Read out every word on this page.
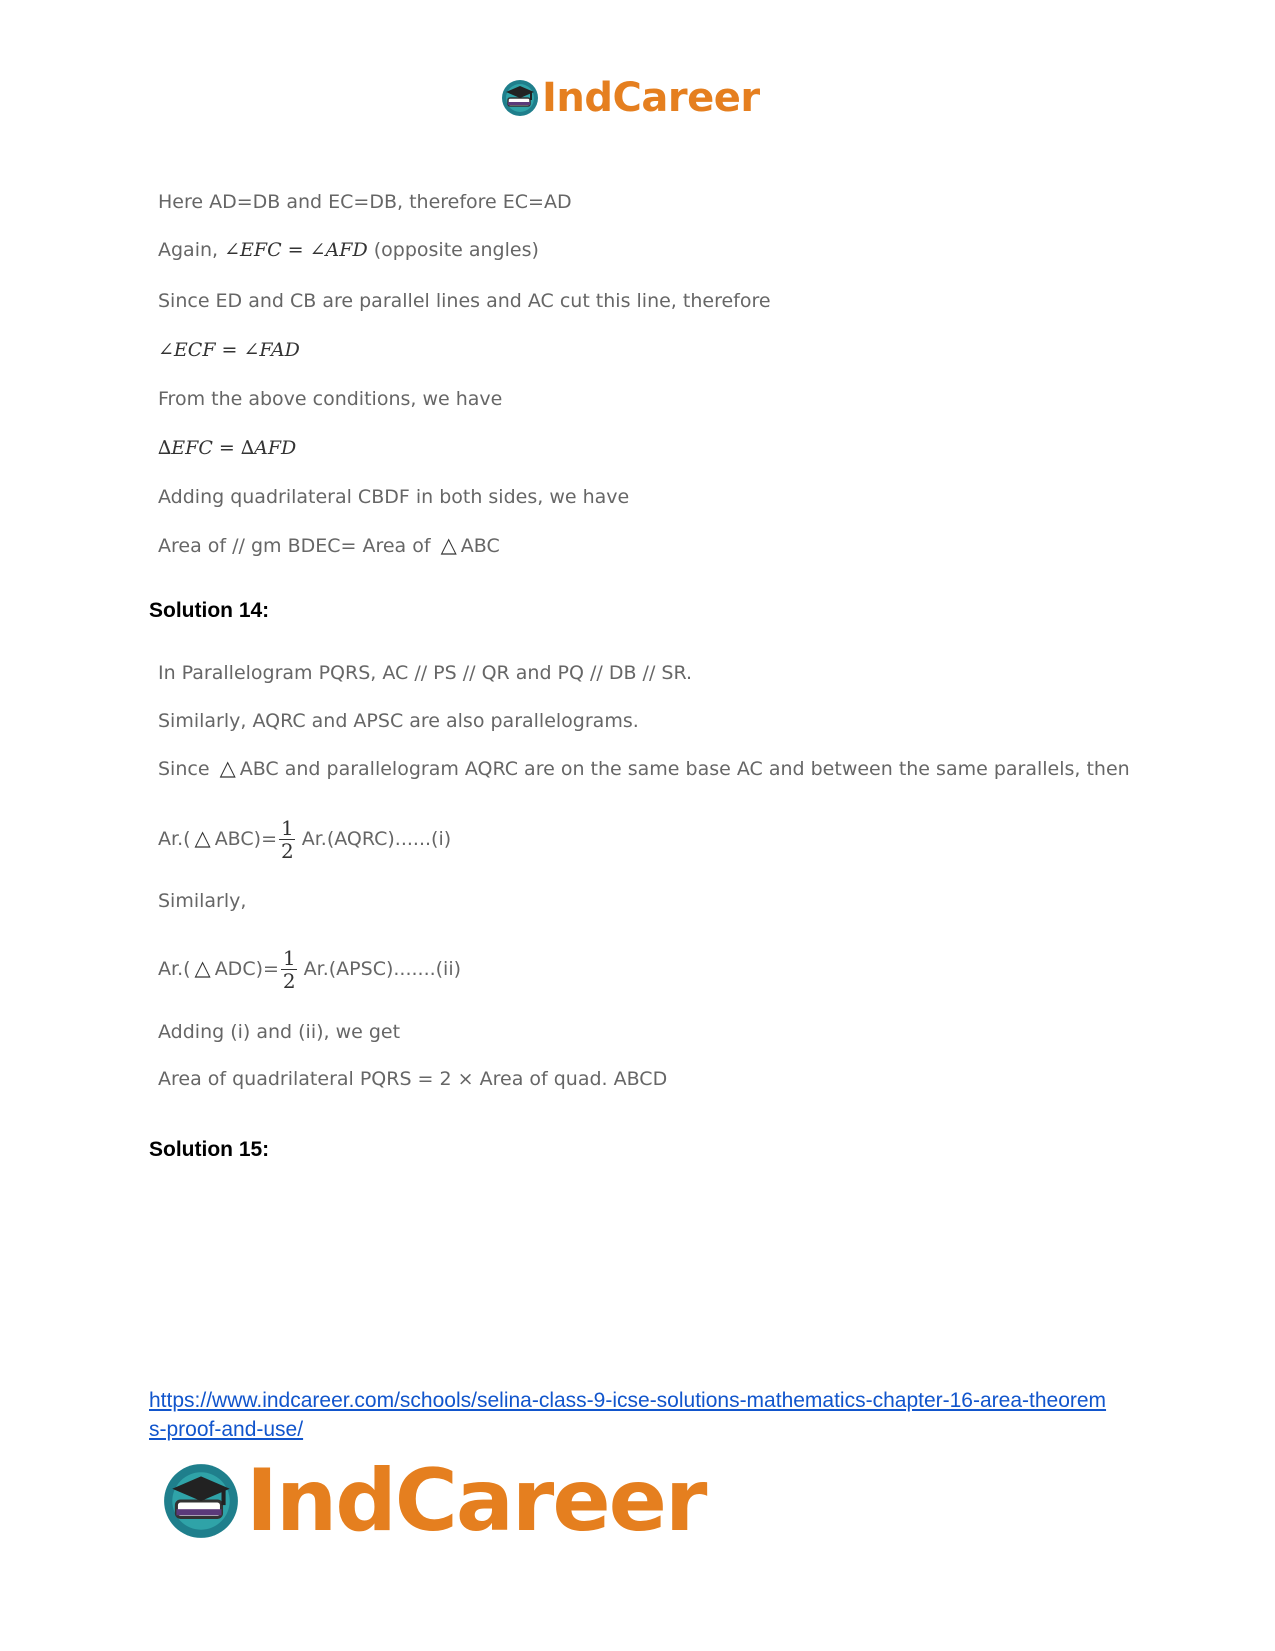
IndCareer
Here AD=DB and EC=DB, therefore EC=AD
Again, ∠EFC = ∠AFD (opposite angles)
Since ED and CB are parallel lines and AC cut this line, therefore
∠ECF = ∠FAD
From the above conditions, we have
∆EFC = ∆AFD
Adding quadrilateral CBDF in both sides, we have
Area of // gm BDEC= Area of △ ABC
Solution 14:
In Parallelogram PQRS, AC // PS // QR and PQ // DB // SR.
Similarly, AQRC and APSC are also parallelograms.
Since △ ABC and parallelogram AQRC are on the same base AC and between the same parallels, then
Ar.( △ $ABC)= \frac{1}{2}$ Ar.(AQRC)......(i)
Similarly,
Ar.( △ $ADC)= \frac{1}{2}$ Ar.(APSC).......(ii)
Adding (i) and (ii), we get
Area of quadrilateral PQRS = 2 × Area of quad. ABCD
Solution 15:
https://www.indcareer.com/schools/selina-class-9-icse-solutions-mathematics-chapter-16-area-theorems-proof-and-use/
IndCareer
